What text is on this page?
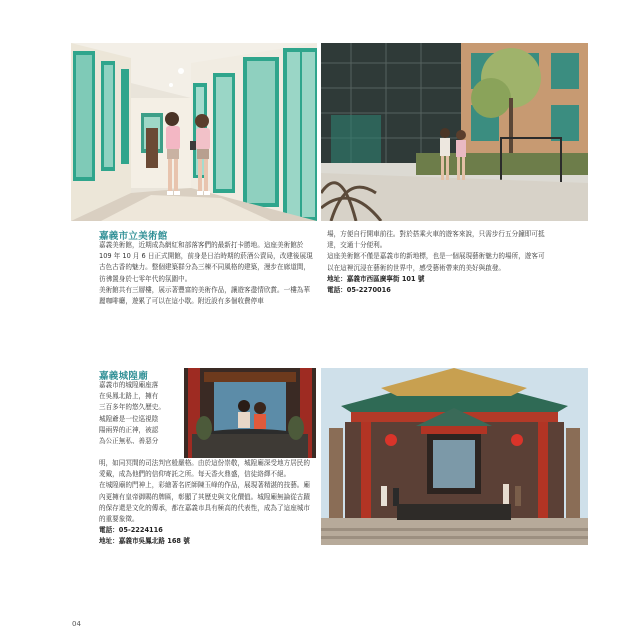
嘉義市立美術館

嘉義美術館，近期成為網紅和部落客們的最新打卡勝地。這座美術館於 109 年 10 月 6 日正式開館，前身是日治時期的菸酒公賣局，改建後展現古色古香的魅力。整個建築群分為三棟不同風格的建築，漫步在廊道間，彷彿置身於七零年代的氛圍中。

美術館共有三層樓，展示著豐富的美術作品，讓遊客盡情欣賞。一樓為華麗咖啡廳，遊累了可以在這小歇。附近設有多個收費停車

場，方便自行開車前往。對於搭乘火車的遊客來說，只需步行五分鐘即可抵達，交通十分便利。

這座美術館不僅是嘉義市的新地標，也是一個展現藝術魅力的場所，遊客可以在這裡沉浸在藝術的世界中，感受藝術帶來的美好與啟發。

地址：嘉義市西區廣寧街 101 號

電話：05-2270016

嘉義城隍廟

嘉義市的城隍廟座落

在吳鳳北路上，擁有

三百多年的悠久歷史。

城隍爺是一位巡視陰

陽兩界的正神，被認

為公正無私、善惡分

明，如同冥間的司法判官般嚴格。由於這份崇敬，城隍廟深受地方居民的愛戴，成為他們的信仰寄託之所。每天香火鼎盛，信徒絡繹不絕。

在城隍廟的門神上，彩繪著名匠師陳玉峰的作品，展現著精湛的技藝。廟內更擁有皇帝御賜的牌匾，彰顯了其歷史與文化價值。城隍廟無論從古蹟的保存還是文化的傳承，都在嘉義市具有極高的代表性，成為了這座城市的重要象徵。

電話：05-2224116

地址：嘉義市吳鳳北路 168 號

04
